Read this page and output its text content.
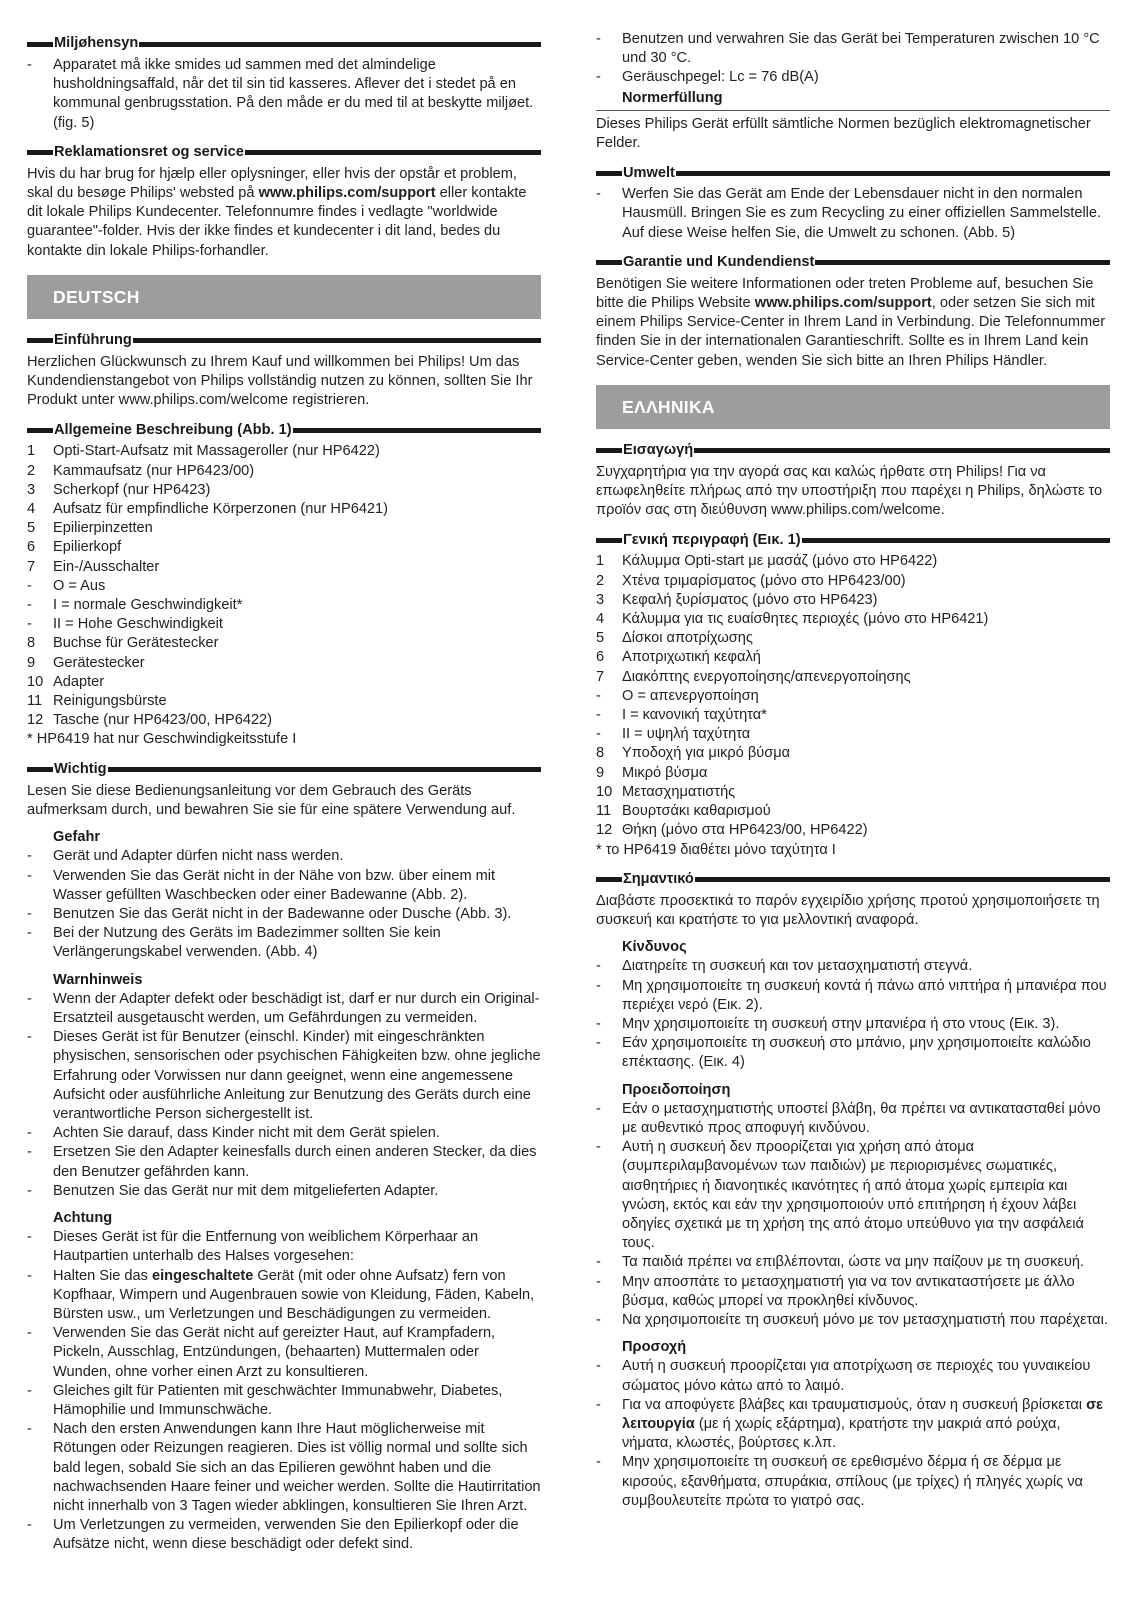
Miljøhensyn
-	Apparatet må ikke smides ud sammen med det almindelige husholdningsaffald, når det til sin tid kasseres. Aflever det i stedet på en kommunal genbrugsstation. På den måde er du med til at beskytte miljøet. (fig. 5)
Reklamationsret og service

Hvis du har brug for hjælp eller oplysninger, eller hvis der opstår et problem, skal du besøge Philips' websted på www.philips.com/support eller kontakte dit lokale Philips Kundecenter. Telefonnumre findes i vedlagte "worldwide guarantee"-folder. Hvis der ikke findes et kundecenter i dit land, bedes du kontakte din lokale Philips-forhandler.

DEUTSCH
Einführung

Herzlichen Glückwunsch zu Ihrem Kauf und willkommen bei Philips! Um das Kundendienstangebot von Philips vollständig nutzen zu können, sollten Sie Ihr Produkt unter www.philips.com/welcome registrieren.

Allgemeine Beschreibung (Abb. 1)
1	Opti-Start-Aufsatz mit Massageroller (nur HP6422)
2	Kammaufsatz (nur HP6423/00)
3	Scherkopf (nur HP6423)
4	Aufsatz für empfindliche Körperzonen (nur HP6421)
5	Epilierpinzetten
6	Epilierkopf
7	Ein-/Ausschalter
-	O = Aus
-	I = normale Geschwindigkeit*
-	II = Hohe Geschwindigkeit
8	Buchse für Gerätestecker
9	Gerätestecker
10 Adapter
11 Reinigungsbürste
12 Tasche (nur HP6423/00, HP6422)

* HP6419 hat nur Geschwindigkeitsstufe I

Wichtig

Lesen Sie diese Bedienungsanleitung vor dem Gebrauch des Geräts aufmerksam durch, und bewahren Sie sie für eine spätere Verwendung auf.

Gefahr
-	Gerät und Adapter dürfen nicht nass werden.
-	Verwenden Sie das Gerät nicht in der Nähe von bzw. über einem mit Wasser gefüllten Waschbecken oder einer Badewanne (Abb. 2).
-	Benutzen Sie das Gerät nicht in der Badewanne oder Dusche (Abb. 3).
-	Bei der Nutzung des Geräts im Badezimmer sollten Sie kein Verlängerungskabel verwenden. (Abb. 4)
Warnhinweis
-	Wenn der Adapter defekt oder beschädigt ist, darf er nur durch ein Original-Ersatzteil ausgetauscht werden, um Gefährdungen zu vermeiden.
-	Dieses Gerät ist für Benutzer (einschl. Kinder) mit eingeschränkten physischen, sensorischen oder psychischen Fähigkeiten bzw. ohne jegliche Erfahrung oder Vorwissen nur dann geeignet, wenn eine angemessene Aufsicht oder ausführliche Anleitung zur Benutzung des Geräts durch eine verantwortliche Person sichergestellt ist.
-	Achten Sie darauf, dass Kinder nicht mit dem Gerät spielen.
-	Ersetzen Sie den Adapter keinesfalls durch einen anderen Stecker, da dies den Benutzer gefährden kann.
-	Benutzen Sie das Gerät nur mit dem mitgelieferten Adapter.
Achtung
-	Dieses Gerät ist für die Entfernung von weiblichem Körperhaar an Hautpartien unterhalb des Halses vorgesehen:
-	Halten Sie das eingeschaltete Gerät (mit oder ohne Aufsatz) fern von Kopfhaar, Wimpern und Augenbrauen sowie von Kleidung, Fäden, Kabeln, Bürsten usw., um Verletzungen und Beschädigungen zu vermeiden.
-	Verwenden Sie das Gerät nicht auf gereizter Haut, auf Krampfadern, Pickeln, Ausschlag, Entzündungen, (behaarten) Muttermalen oder Wunden, ohne vorher einen Arzt zu konsultieren.
-	Gleiches gilt für Patienten mit geschwächter Immunabwehr, Diabetes, Hämophilie und Immunschwäche.
-	Nach den ersten Anwendungen kann Ihre Haut möglicherweise mit Rötungen oder Reizungen reagieren. Dies ist völlig normal und sollte sich bald legen, sobald Sie sich an das Epilieren gewöhnt haben und die nachwachsenden Haare feiner und weicher werden. Sollte die Hautirritation nicht innerhalb von 3 Tagen wieder abklingen, konsultieren Sie Ihren Arzt.
-	Um Verletzungen zu vermeiden, verwenden Sie den Epilierkopf oder die Aufsätze nicht, wenn diese beschädigt oder defekt sind.
-	Benutzen und verwahren Sie das Gerät bei Temperaturen zwischen 10 °C und 30 °C.
-	Geräuschpegel: Lc = 76 dB(A)
Normerfüllung

Dieses Philips Gerät erfüllt sämtliche Normen bezüglich elektromagnetischer Felder.

Umwelt
-	Werfen Sie das Gerät am Ende der Lebensdauer nicht in den normalen Hausmüll. Bringen Sie es zum Recycling zu einer offiziellen Sammelstelle. Auf diese Weise helfen Sie, die Umwelt zu schonen. (Abb. 5)
Garantie und Kundendienst

Benötigen Sie weitere Informationen oder treten Probleme auf, besuchen Sie bitte die Philips Website www.philips.com/support, oder setzen Sie sich mit einem Philips Service-Center in Ihrem Land in Verbindung. Die Telefonnummer finden Sie in der internationalen Garantieschrift. Sollte es in Ihrem Land kein Service-Center geben, wenden Sie sich bitte an Ihren Philips Händler.

ΕΛΛΗΝΙΚΑ
Εισαγωγή

Συγχαρητήρια για την αγορά σας και καλώς ήρθατε στη Philips! Για να επωφεληθείτε πλήρως από την υποστήριξη που παρέχει η Philips, δηλώστε το προϊόν σας στη διεύθυνση www.philips.com/welcome.

Γενική περιγραφή (Εικ. 1)
1	Κάλυμμα Opti-start με μασάζ (μόνο στο HP6422)
2	Χτένα τριμαρίσματος (μόνο στο HP6423/00)
3	Κεφαλή ξυρίσματος (μόνο στο HP6423)
4	Κάλυμμα για τις ευαίσθητες περιοχές (μόνο στο HP6421)
5	Δίσκοι αποτρίχωσης
6	Αποτριχωτική κεφαλή
7	Διακόπτης ενεργοποίησης/απενεργοποίησης
-	O = απενεργοποίηση
-	I = κανονική ταχύτητα*
-	II = υψηλή ταχύτητα
8	Υποδοχή για μικρό βύσμα
9	Μικρό βύσμα
10 Μετασχηματιστής
11 Βουρτσάκι καθαρισμού
12 Θήκη (μόνο στα HP6423/00, HP6422)

* το HP6419 διαθέτει μόνο ταχύτητα I

Σημαντικό

Διαβάστε προσεκτικά το παρόν εγχειρίδιο χρήσης προτού χρησιμοποιήσετε τη συσκευή και κρατήστε το για μελλοντική αναφορά.

Κίνδυνος
-	Διατηρείτε τη συσκευή και τον μετασχηματιστή στεγνά.
-	Μη χρησιμοποιείτε τη συσκευή κοντά ή πάνω από νιπτήρα ή μπανιέρα που περιέχει νερό (Εικ. 2).
-	Μην χρησιμοποιείτε τη συσκευή στην μπανιέρα ή στο ντους (Εικ. 3).
-	Εάν χρησιμοποιείτε τη συσκευή στο μπάνιο, μην χρησιμοποιείτε καλώδιο επέκτασης. (Εικ. 4)
Προειδοποίηση
-	Εάν ο μετασχηματιστής υποστεί βλάβη, θα πρέπει να αντικατασταθεί μόνο με αυθεντικό προς αποφυγή κινδύνου.
-	Αυτή η συσκευή δεν προορίζεται για χρήση από άτομα (συμπεριλαμβανομένων των παιδιών) με περιορισμένες σωματικές, αισθητήριες ή διανοητικές ικανότητες ή από άτομα χωρίς εμπειρία και γνώση, εκτός και εάν την χρησιμοποιούν υπό επιτήρηση ή έχουν λάβει οδηγίες σχετικά με τη χρήση της από άτομο υπεύθυνο για την ασφάλειά τους.
-	Τα παιδιά πρέπει να επιβλέπονται, ώστε να μην παίζουν με τη συσκευή.
-	Μην αποσπάτε το μετασχηματιστή για να τον αντικαταστήσετε με άλλο βύσμα, καθώς μπορεί να προκληθεί κίνδυνος.
-	Να χρησιμοποιείτε τη συσκευή μόνο με τον μετασχηματιστή που παρέχεται.
Προσοχή
-	Αυτή η συσκευή προορίζεται για αποτρίχωση σε περιοχές του γυναικείου σώματος μόνο κάτω από το λαιμό.
-	Για να αποφύγετε βλάβες και τραυματισμούς, όταν η συσκευή βρίσκεται σε λειτουργία (με ή χωρίς εξάρτημα), κρατήστε την μακριά από ρούχα, νήματα, κλωστές, βούρτσες κ.λπ.
-	Μην χρησιμοποιείτε τη συσκευή σε ερεθισμένο δέρμα ή σε δέρμα με κιρσούς, εξανθήματα, σπυράκια, σπίλους (με τρίχες) ή πληγές χωρίς να συμβουλευτείτε πρώτα το γιατρό σας.
